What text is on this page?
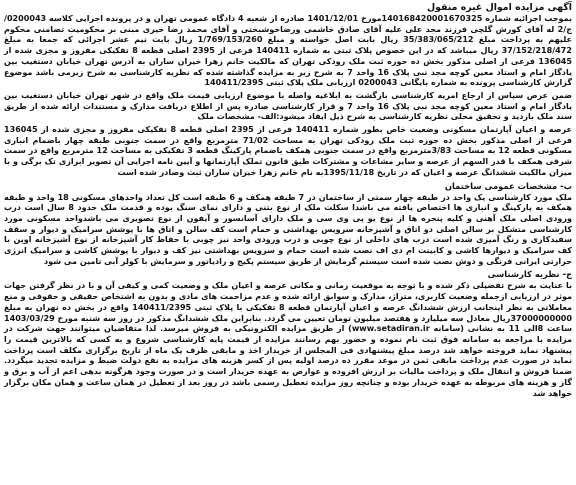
آگهی مزایده اموال غیره منقول

بموجب اجرائیه شماره 140168420001670325مورخ 1401/12/01 صادره از شعبه 4 دادگاه عمومی تهران و در پرونده اجرایی کلاسه 0200043/ج/2 له آقای کورش گلچی فرزند مجد علی علیه آقای صادق خاشمی ورضاخوشبختی و آقای محمد رضا خیری مبنی بر محکومیت تضامنی محکوم علیهم به پرداخت مبلغ 35/383/065/212 ریال بابت اصل خواسته و مبلغ 1/769/153/260 ریال بابت نیم عشر اجرائی که جمعا به مبلغ 37/152/218/472 ریال میباشد که در این خصوص پلاک ثبتی به شماره 140411 فرعی از 2395 اصلی قطعه 8 تفکیکی مفروز و مجزی شده از 136045 فرعی از اصلی مذکور بخش ده حوزه ثبت ملک رودکی تهران که مالکیت خانم زهرا خیران ساران به آدرس تهران خیابان دستغیب بین یادگار امام و استاد معین کوچه مجد نبی پلاک 16 واحد 7 به شرح زیر به مزایده گذاشته شده که نظریه کارشناسی به شرح زیرمی باشد موضوع گزارش کارشناسی پرونده به شماره بایگانی 0200043 ارزیابی ملک پلاک ثبتی 140411/2395

ضمن عرض سپاس از ارجاع امریه کارشناسی بازگشت به ابلاغیه واصله با موضوع ارزیابی قیمت ملک واقع در شهر تهران خیابان دستغیب بین یادگار امام و استاد معین کوچه مجد نبی پلاک 16 واحد 7 و قرار کارشناسی صادره پس از اطلاع دریافت مدارک و مستندات ارائه شده از طریق سند ملک بازدید و تحقیق محلی نظریه کارشناسی به شرح ذیل ایفاد میشود:الف- مشخصات ملک

عرصه و اعیان آپارتمان مسکونی وضعیت خاص بطور شماره 140411 فرعی از 2395 اصلی قطعه 8 تفکیکی مفروز و مجزی شده از 136045 فرعی از اصلی مذکور بخش ده حوزه ثبت ملک رودکی تهران به مساحت 71/02 مترمربع واقع در سمت جنوبی طبقه چهار باضمام انباری مسکونی قطعه 12 به مساحت 3/83مترمربع واقع در سمت جنوبی همکف باضمام پارکینگ قطعه 3 تفکیکی به مساحت 12 مترمربع واقع در سمت شرقی همکف با قدر السهم از عرصه و سایر مشاعات و مشترکات طبق قانون تملک آپارتمانها و آیین نامه اجرایی آن تصویر ابرازی تک برگی و با میزان مالکیت ششدانگ عرصه و اعیان که در تاریخ 1395/11/18به نام خانم زهرا خیران ساران ثبت وصادر شده است

ب- مشخصات عمومی ساختمان

ملک مورد کارشناسی یک واحد در طبقه چهار سمتی از ساختمان در 7 طبقه همکف و 6 طبقه است کل تعداد واحدهای مسکونی 18 واحد و طبقه همکف به پارکینگ و انباری ها اختصاص یافته می باشدا سکلت ملک از نوع بتنی و دارای نمای سنگ بوده و قدمت ملک حدود 8 سال است درب ورودی اصلی ملک آهنی و کلیه پنجره ها از نوع یو پی وی سی و ملک دارای آسانسور و آیفون از نوع تصویری می باشدواحد مسکونی مورد کارشناسی متشکل بر سالن اصلی دو اتاق و آشپزخانه سرویس بهداشتی و حمام است کف سالن و اتاق ها با پوشش سرامیک و دیوار و سقف سفیدکاری و رنگ آمیزی شده است درب های داخلی از نوع چوبی و درب ورودی واحد نیز چوبی با حفاظ کار آشپزخانه از نوع آشپزخانه اوپن با کف سرامیک و دیوارها کاشی و کابینت ام دی اف نصب شده است حمام و سرویس بهداشتی نیز کف و دیوار با پوشش کاشی و سرامیک انرژی حرارتی ایرانی فرنگی و دوش نصب شده است سیستم گرمایش از طریق سیستم پکیج و رادیاتور و سرمایش با کولر آبی تامین می شود

ج- نظریه کارشناسی

با عنایت به شرح تفضیلی ذکر شده و با توجه به موقعیت زمانی و مکانی عرصه و اعیان ملک و وضعیت کمی و کیفی آن و با در نظر گرفتن جهات موثر در ارزیابی ازجمله وضعیت کاربری، متراژ، مدارک و سوابق ارائه شده و عدم مزاحمت های مادی و بدون به اشتخاص حقیقی و حقوقی و منع معاملاتی به نظر اینجانب ارزش ششدانگ عرصه و اعیان آپارتمان قطعه 8 تفکیکی با پلاک ثبتی 140411/2395 واقع در بخش ده تهران به مبلغ 37000000000ریال معادل سه میلیارد و هفتصد میلیون تومان تعیین می گردد. بنابراین ملک ششدانگ مذکور در روز سه شنبه مورخ 1403/03/29 ساعت 8الی 11 به نشانی (سامانه www.setadiran.ir) از طریق مزایده الکترونیکی به فروش میرسد. لذا متقاضیان میتوانند جهت شرکت در مزایده با مراجعه به سامانه فوق ثبت نام نموده و حضور بهم رسانند مزایده از قیمت پایه کارشناسی شروع و به کسی که بالاترین قیمت را پیشنهاد نماید فروخته خواهد شد درصد مبلغ پیشنهادی فی المجلس از خریدار اخذ و مابقی ظرف یک ماه از تاریخ برگزاری مکلف است پرداخت نماید در صورت عدم پرداخت مابقی ثمن در موعد مقرر ده درصد اولیه پس از کسر هزینه های مزایده به نفع دولت ضبط و مزایده تجدید میگردد. ضمنا فروش و انتقال ملک و پرداخت مالیات بر ارزش افزوده و عوارض به عهده خریدار است و در صورت وجود هرگونه بدهی اعم از آب و برق و گاز و هزینه های مربوطه به عهده خریدار بوده و چنانچه روز مزایده تعطیل رسمی باشد در روز بعد از تعطیل در همان ساعت و همان مکان برگزار خواهد شد
